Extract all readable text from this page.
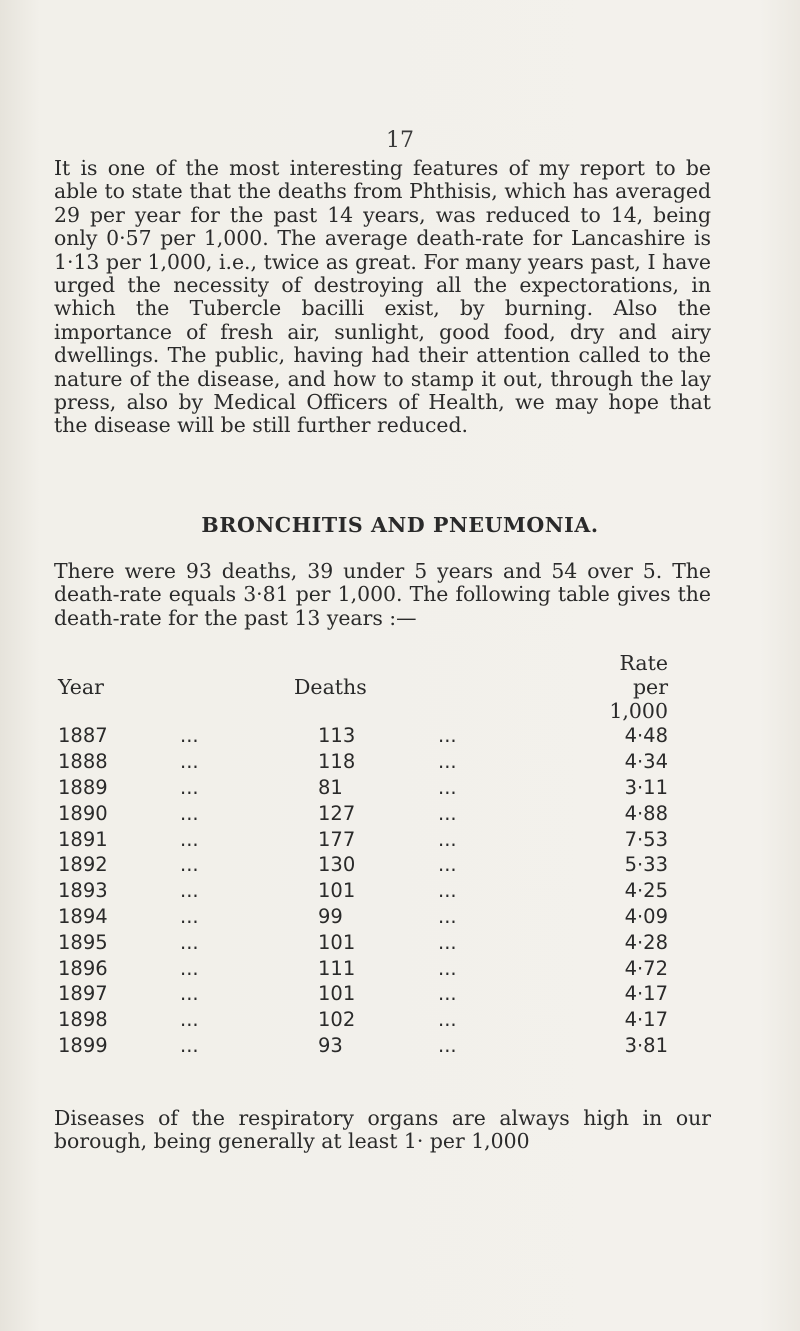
17

It is one of the most interesting features of my report to be able to state that the deaths from Phthisis, which has averaged 29 per year for the past 14 years, was reduced to 14, being only 0·57 per 1,000. The average death-rate for Lancashire is 1·13 per 1,000, i.e., twice as great. For many years past, I have urged the necessity of destroying all the expectorations, in which the Tubercle bacilli exist, by burning. Also the importance of fresh air, sunlight, good food, dry and airy dwellings. The public, having had their attention called to the nature of the disease, and how to stamp it out, through the lay press, also by Medical Officers of Health, we may hope that the disease will be still further reduced.

BRONCHITIS AND PNEUMONIA.

There were 93 deaths, 39 under 5 years and 54 over 5. The death-rate equals 3·81 per 1,000. The following table gives the death-rate for the past 13 years :—

Year		Deaths		Rate per 1,000
1887	...	113	...	4·48
1888	...	118	...	4·34
1889	...	81	...	3·11
1890	...	127	...	4·88
1891	...	177	...	7·53
1892	...	130	...	5·33
1893	...	101	...	4·25
1894	...	99	...	4·09
1895	...	101	...	4·28
1896	...	111	...	4·72
1897	...	101	...	4·17
1898	...	102	...	4·17
1899	...	93	...	3·81

Diseases of the respiratory organs are always high in our borough, being generally at least 1· per 1,000
